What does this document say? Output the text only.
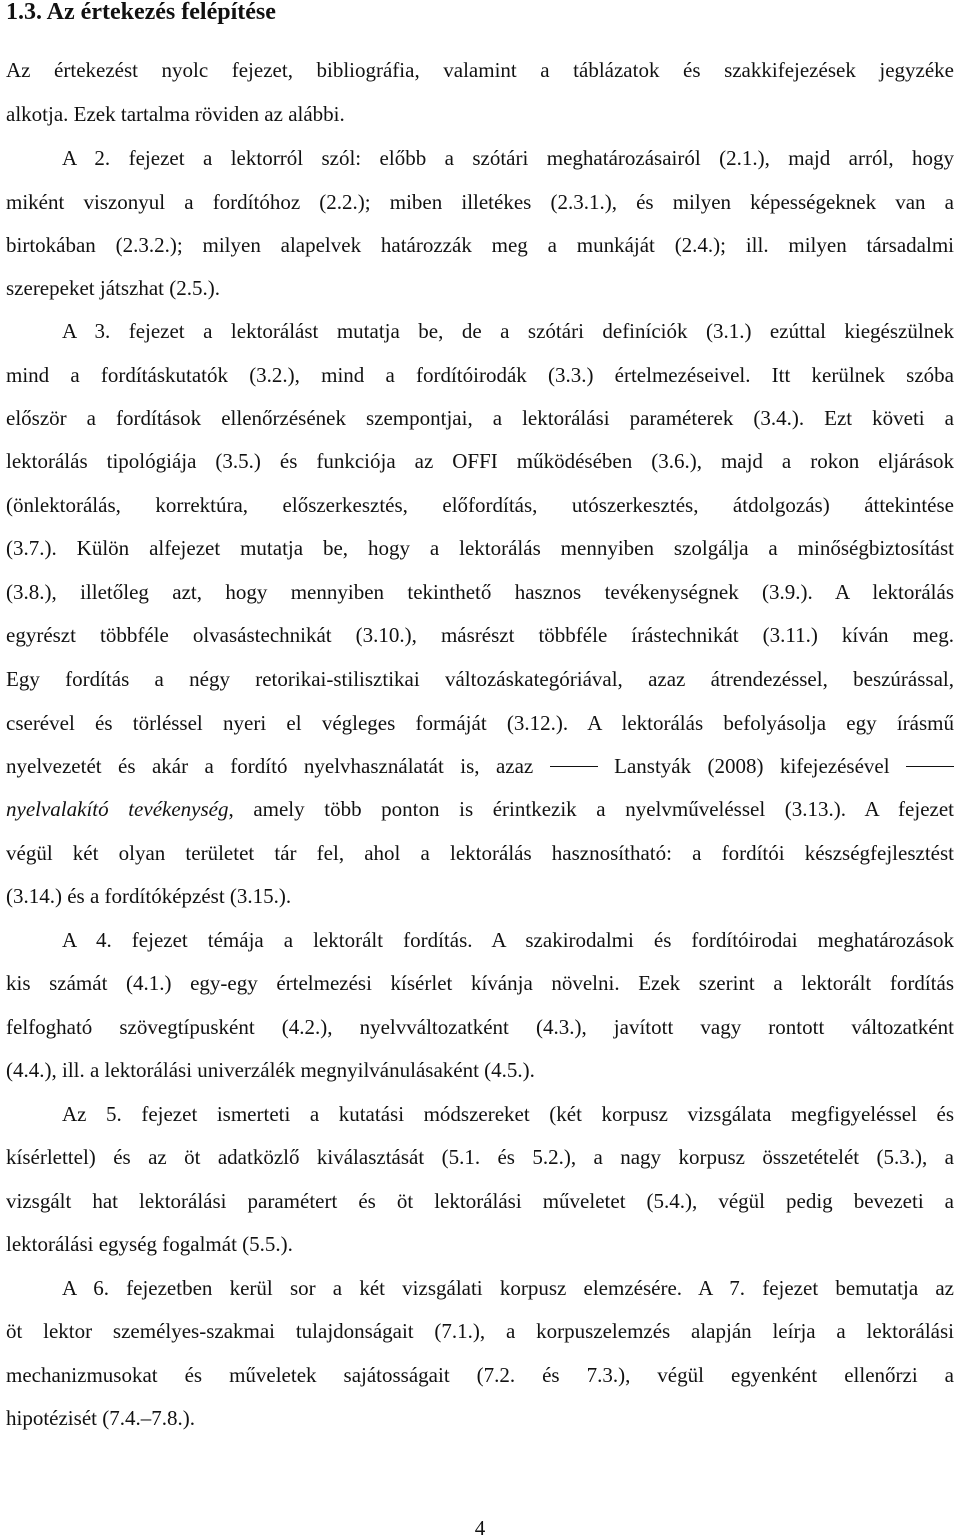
1.3. Az értekezés felépítése
Az értekezést nyolc fejezet, bibliográfia, valamint a táblázatok és szakkifejezések jegyzéke
alkotja. Ezek tartalma röviden az alábbi.
A 2. fejezet a lektorról szól: előbb a szótári meghatározásairól (2.1.), majd arról, hogy
miként viszonyul a fordítóhoz (2.2.); miben illetékes (2.3.1.), és milyen képességeknek van a
birtokában (2.3.2.); milyen alapelvek határozzák meg a munkáját (2.4.); ill. milyen társadalmi
szerepeket játszhat (2.5.).
A 3. fejezet a lektorálást mutatja be, de a szótári definíciók (3.1.) ezúttal kiegészülnek
mind a fordításkutatók (3.2.), mind a fordítóirodák (3.3.) értelmezéseivel. Itt kerülnek szóba
először a fordítások ellenőrzésének szempontjai, a lektorálási paraméterek (3.4.). Ezt követi a
lektorálás tipológiája (3.5.) és funkciója az OFFI működésében (3.6.), majd a rokon eljárások
(önlektorálás, korrektúra, előszerkesztés, előfordítás, utószerkesztés, átdolgozás) áttekintése
(3.7.). Külön alfejezet mutatja be, hogy a lektorálás mennyiben szolgálja a minőségbiztosítást
(3.8.), illetőleg azt, hogy mennyiben tekinthető hasznos tevékenységnek (3.9.). A lektorálás
egyrészt többféle olvasástechnikát (3.10.), másrészt többféle írástechnikát (3.11.) kíván meg.
Egy fordítás a négy retorikai-stilisztikai változáskategóriával, azaz átrendezéssel, beszúrással,
cserével és törléssel nyeri el végleges formáját (3.12.). A lektorálás befolyásolja egy írásmű
nyelvezetét és akár a fordító nyelvhasználatát is, azaz	Lanstyák (2008) kifejezésével
nyelvalakító tevékenység, amely több ponton is érintkezik a nyelvműveléssel (3.13.). A fejezet
végül két olyan területet tár fel, ahol a lektorálás hasznosítható: a fordítói készségfejlesztést
(3.14.) és a fordítóképzést (3.15.).
A 4. fejezet témája a lektorált fordítás. A szakirodalmi és fordítóirodai meghatározások
kis számát (4.1.) egy-egy értelmezési kísérlet kívánja növelni. Ezek szerint a lektorált fordítás
felfogható szövegtípusként (4.2.), nyelvváltozatként (4.3.), javított vagy rontott változatként
(4.4.), ill. a lektorálási univerzálék megnyilvánulásaként (4.5.).
Az 5. fejezet ismerteti a kutatási módszereket (két korpusz vizsgálata megfigyeléssel és
kísérlettel) és az öt adatközlő kiválasztását (5.1. és 5.2.), a nagy korpusz összetételét (5.3.), a
vizsgált hat lektorálási paramétert és öt lektorálási műveletet (5.4.), végül pedig bevezeti a
lektorálási egység fogalmát (5.5.).
A 6. fejezetben kerül sor a két vizsgálati korpusz elemzésére. A 7. fejezet bemutatja az
öt lektor személyes-szakmai tulajdonságait (7.1.), a korpuszelemzés alapján leírja a lektorálási
mechanizmusokat és műveletek sajátosságait (7.2. és 7.3.), végül egyenként ellenőrzi a
hipotézisét (7.4.–7.8.).
4
